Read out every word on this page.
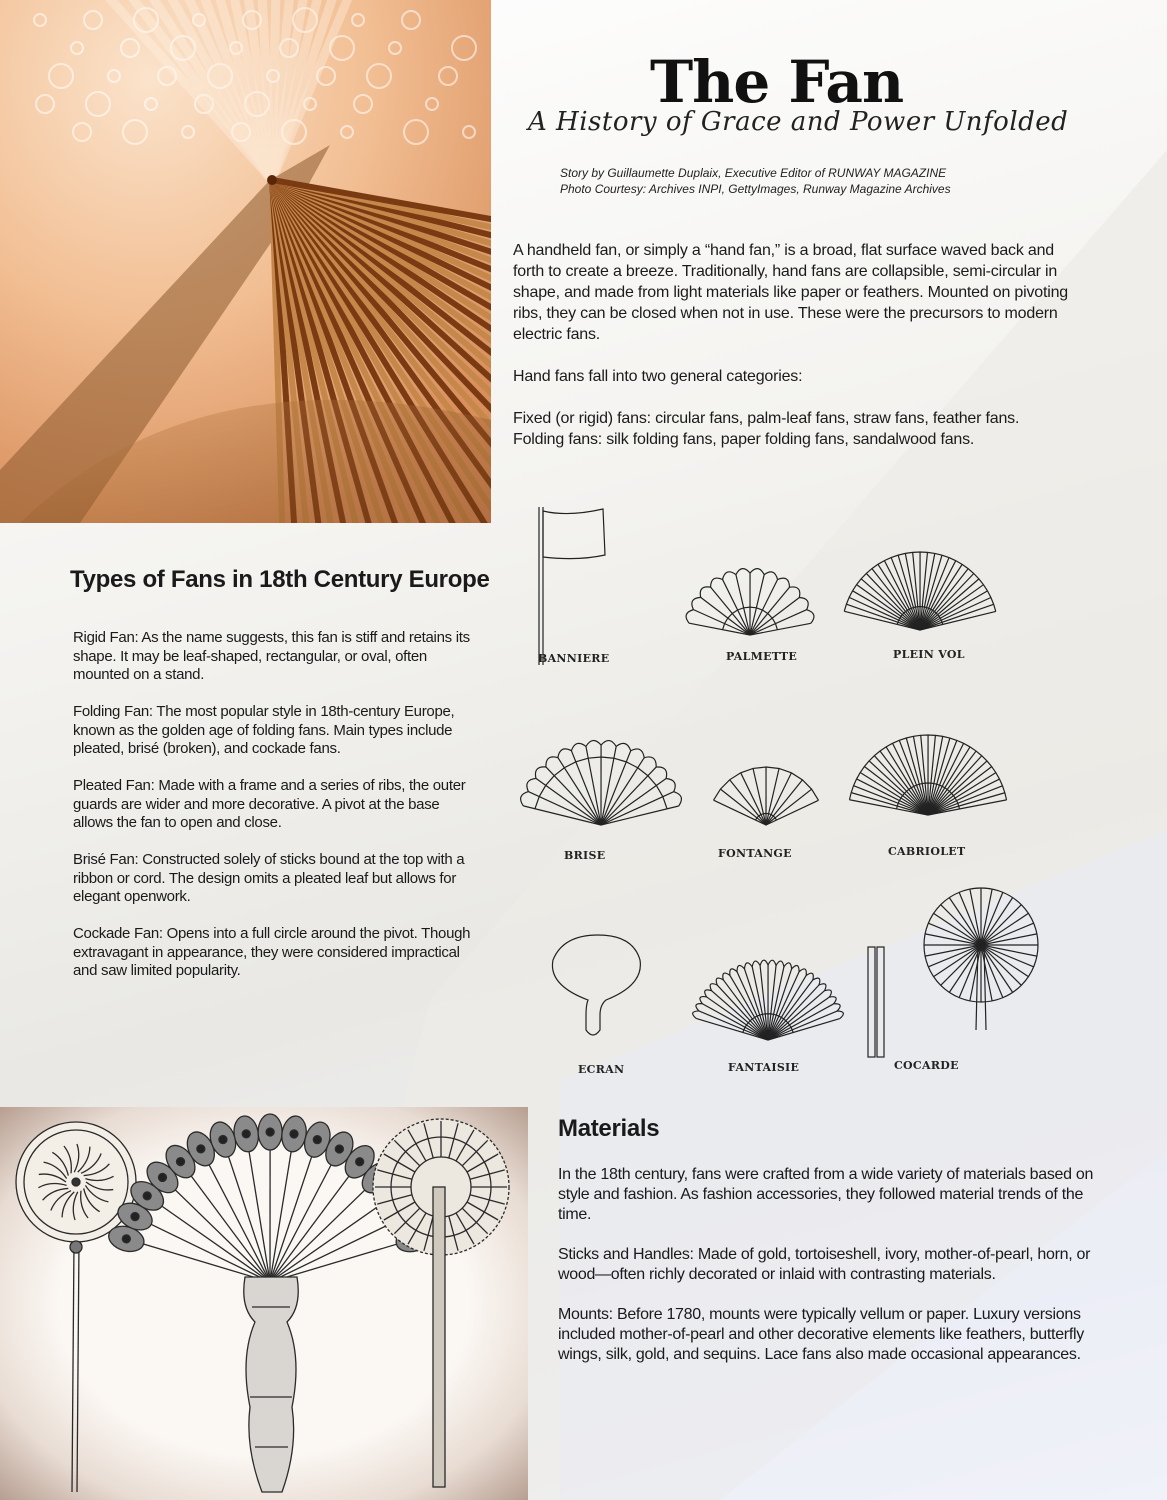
The Fan
A History of Grace and Power Unfolded
Story by Guillaumette Duplaix, Executive Editor of RUNWAY MAGAZINE
Photo Courtesy: Archives INPI, GettyImages, Runway Magazine Archives

A handheld fan, or simply a “hand fan,” is a broad, flat surface waved back and forth to create a breeze. Traditionally, hand fans are collapsible, semi-circular in shape, and made from light materials like paper or feathers. Mounted on pivoting ribs, they can be closed when not in use. These were the precursors to modern electric fans.

Hand fans fall into two general categories:

Fixed (or rigid) fans: circular fans, palm-leaf fans, straw fans, feather fans.
Folding fans: silk folding fans, paper folding fans, sandalwood fans.
Types of Fans in 18th Century Europe

Rigid Fan: As the name suggests, this fan is stiff and retains its shape. It may be leaf-shaped, rectangular, or oval, often mounted on a stand.

Folding Fan: The most popular style in 18th-century Europe, known as the golden age of folding fans. Main types include pleated, brisé (broken), and cockade fans.

Pleated Fan: Made with a frame and a series of ribs, the outer guards are wider and more decorative. A pivot at the base allows the fan to open and close.

Brisé Fan: Constructed solely of sticks bound at the top with a ribbon or cord. The design omits a pleated leaf but allows for elegant openwork.

Cockade Fan: Opens into a full circle around the pivot. Though extravagant in appearance, they were considered impractical and saw limited popularity.

BANNIERE	PALMETTE	PLEIN VOL
BRISE	FONTANGE	CABRIOLET
ECRAN	FANTAISIE	COCARDE
Materials

In the 18th century, fans were crafted from a wide variety of materials based on style and fashion. As fashion accessories, they followed material trends of the time.

Sticks and Handles: Made of gold, tortoiseshell, ivory, mother-of-pearl, horn, or wood—often richly decorated or inlaid with contrasting materials.

Mounts: Before 1780, mounts were typically vellum or paper. Luxury versions included mother-of-pearl and other decorative elements like feathers, butterfly wings, silk, gold, and sequins. Lace fans also made occasional appearances.
